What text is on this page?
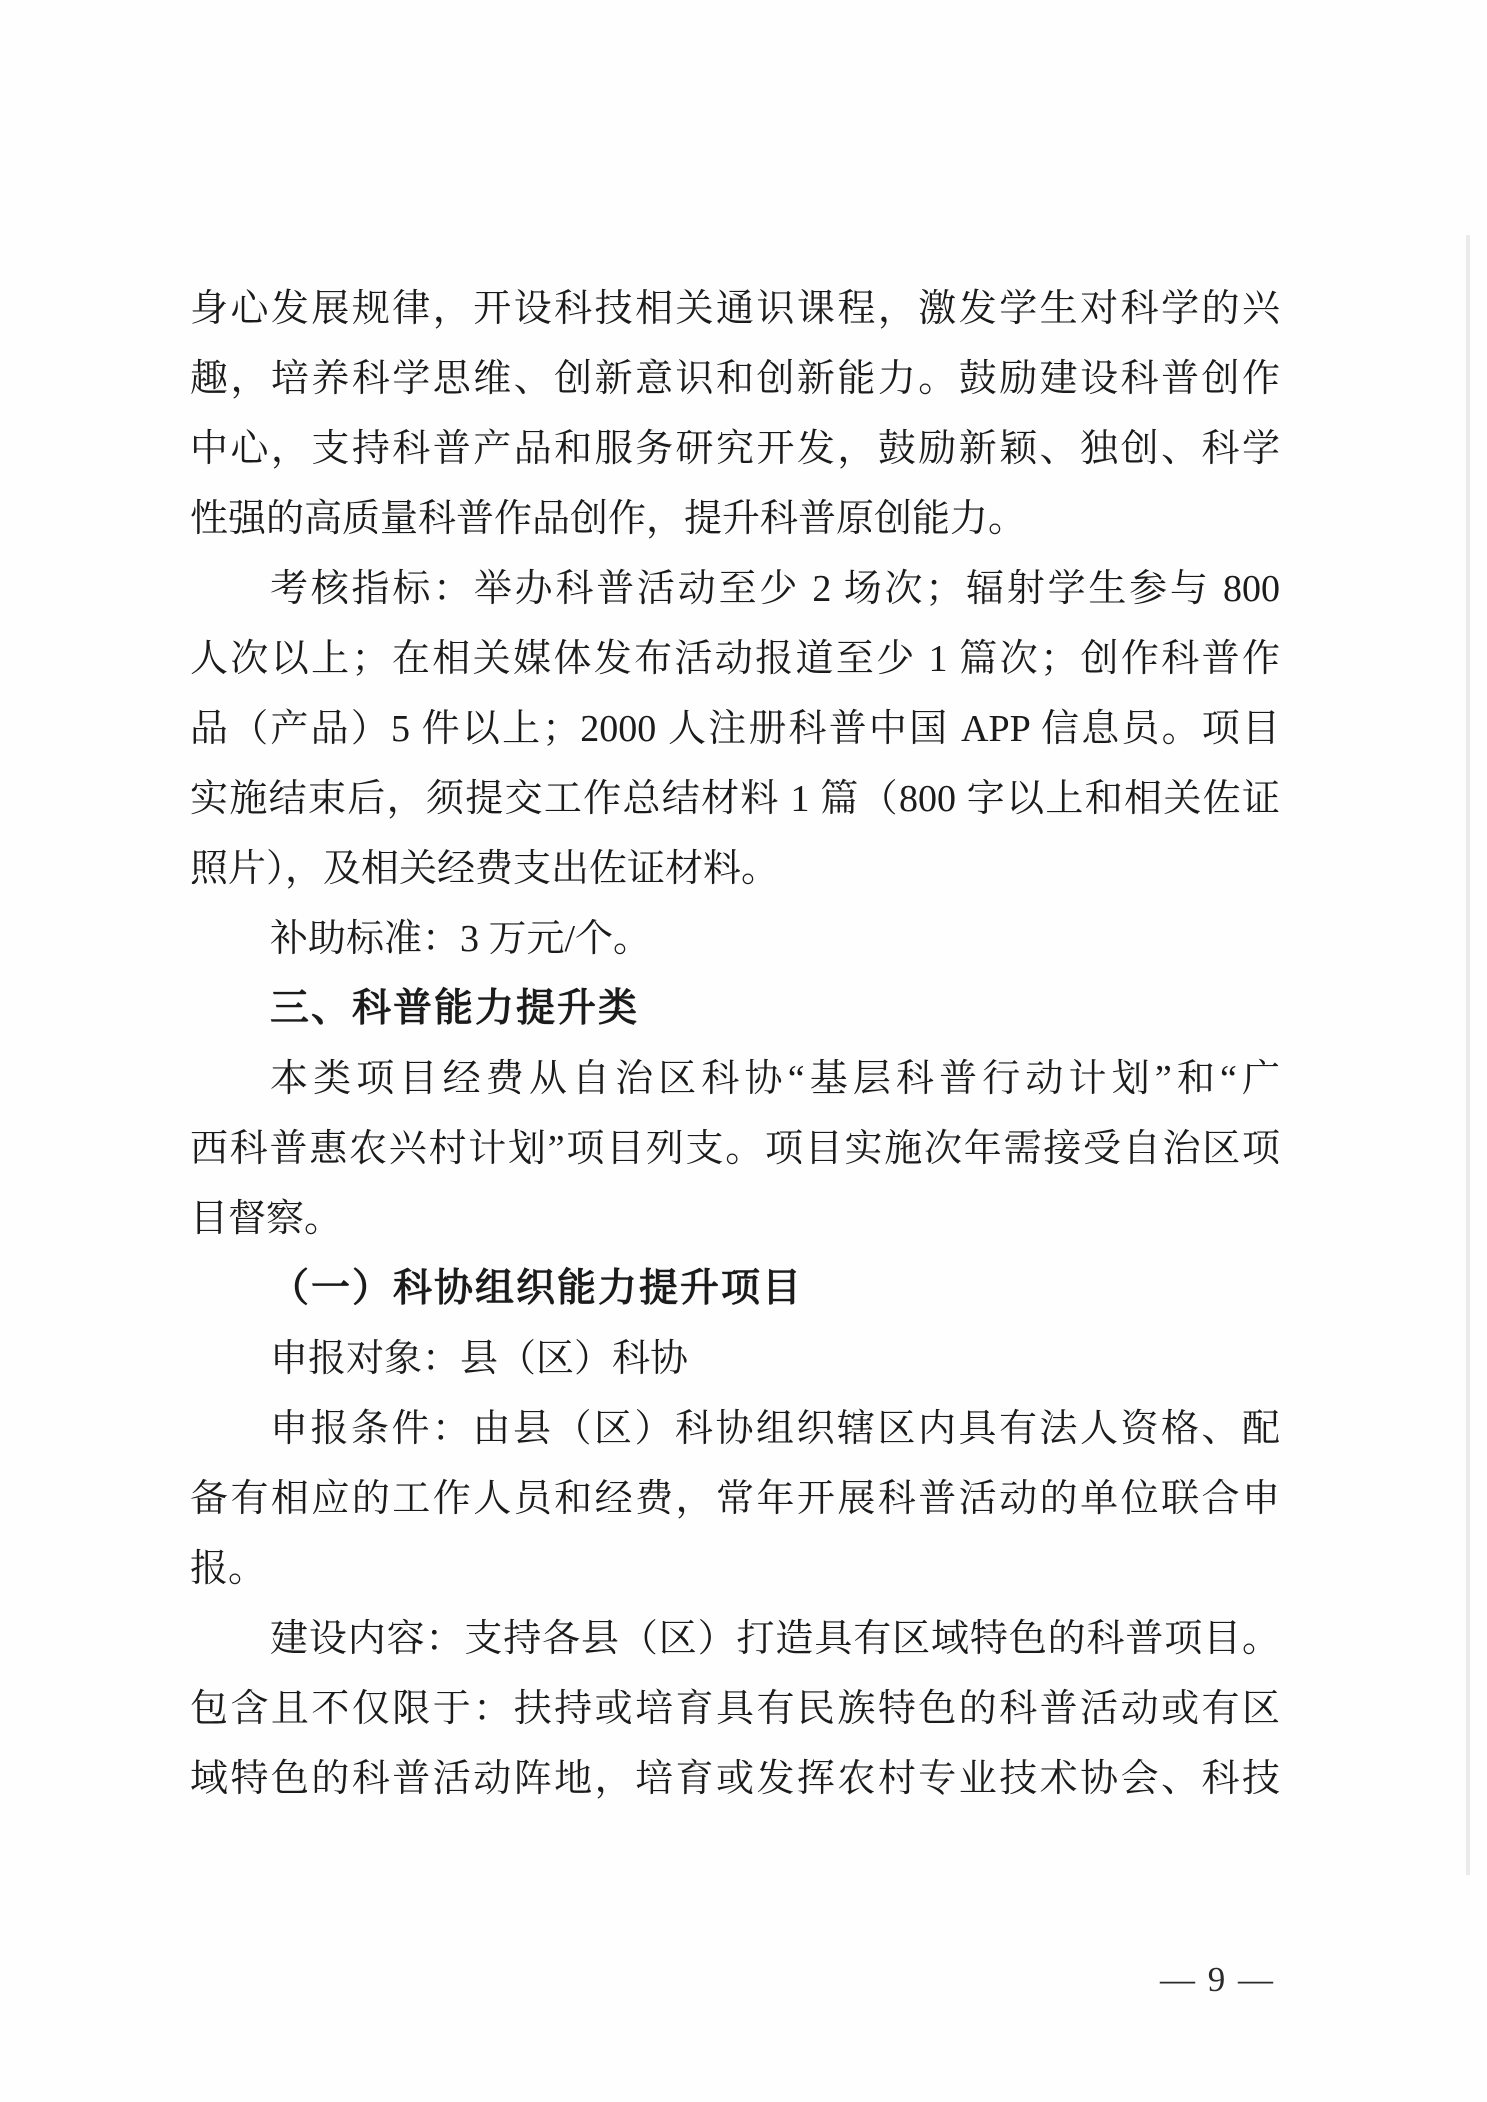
身心发展规律，开设科技相关通识课程，激发学生对科学的兴
趣，培养科学思维、创新意识和创新能力。鼓励建设科普创作
中心，支持科普产品和服务研究开发，鼓励新颖、独创、科学
性强的高质量科普作品创作，提升科普原创能力。
考核指标：举办科普活动至少 2 场次；辐射学生参与 800
人次以上；在相关媒体发布活动报道至少 1 篇次；创作科普作
品（产品）5 件以上；2000 人注册科普中国 APP 信息员。项目
实施结束后，须提交工作总结材料 1 篇（800 字以上和相关佐证
照片），及相关经费支出佐证材料。
补助标准：3 万元/个。
三、科普能力提升类
本类项目经费从自治区科协“基层科普行动计划”和“广
西科普惠农兴村计划”项目列支。项目实施次年需接受自治区项
目督察。
（一）科协组织能力提升项目
申报对象：县（区）科协
申报条件：由县（区）科协组织辖区内具有法人资格、配
备有相应的工作人员和经费，常年开展科普活动的单位联合申
报。
建设内容：支持各县（区）打造具有区域特色的科普项目。
包含且不仅限于：扶持或培育具有民族特色的科普活动或有区
域特色的科普活动阵地，培育或发挥农村专业技术协会、科技
— 9 —
